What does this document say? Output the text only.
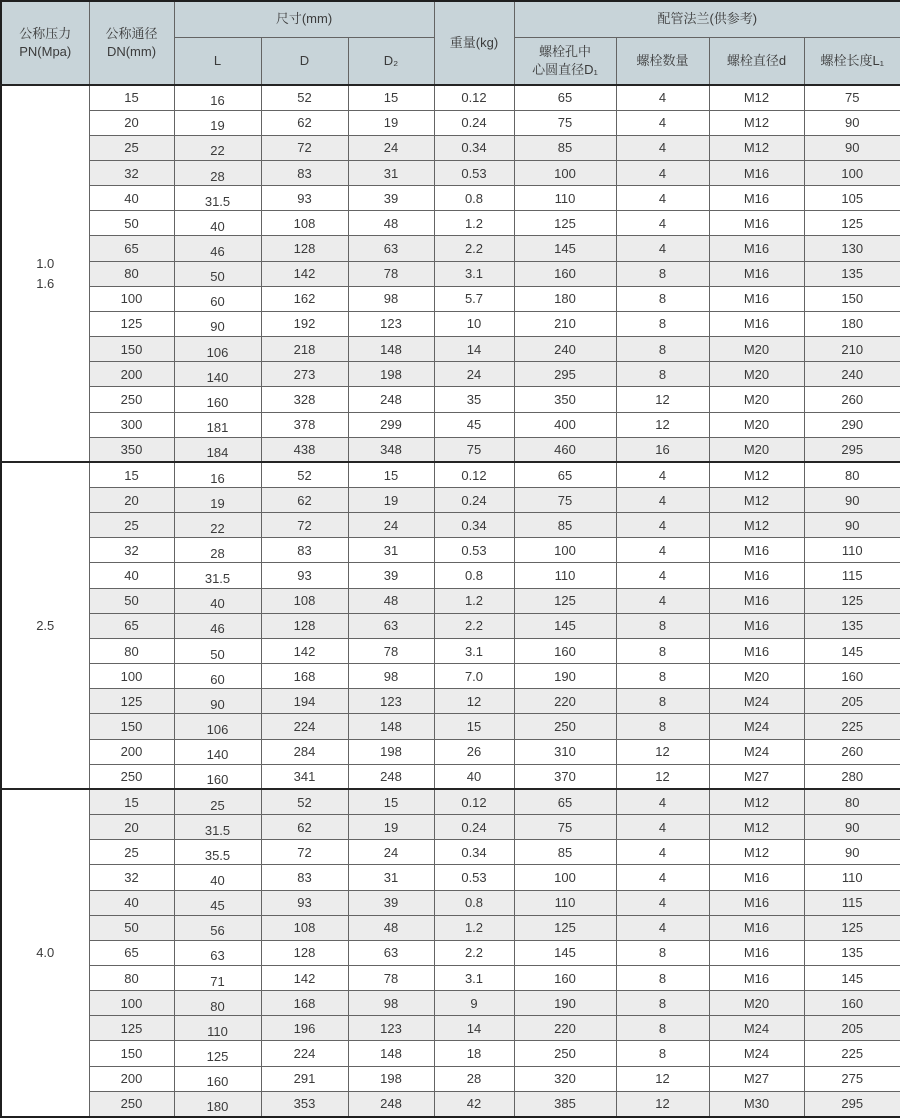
公称压力
PN(Mpa)

公称通径
DN(mm)
	尺寸(mm)	重量(kg)	配管法兰(供参考)
		L	D	D₂		螺栓孔中
心圆直径D₁	螺栓数量	螺栓直径d	螺栓长度L₁

1.0
1.6	15	16	52	15	0.12	65	4	M12	75
	20	19	62	19	0.24	75	4	M12	90
	25	22	72	24	0.34	85	4	M12	90
	32	28	83	31	0.53	100	4	M16	100
	40	31.5	93	39	0.8	110	4	M16	105
	50	40	108	48	1.2	125	4	M16	125
	65	46	128	63	2.2	145	4	M16	130
	80	50	142	78	3.1	160	8	M16	135
	100	60	162	98	5.7	180	8	M16	150
	125	90	192	123	10	210	8	M16	180
	150	106	218	148	14	240	8	M20	210
	200	140	273	198	24	295	8	M20	240
	250	160	328	248	35	350	12	M20	260
	300	181	378	299	45	400	12	M20	290
	350	184	438	348	75	460	16	M20	295

2.5	15	16	52	15	0.12	65	4	M12	80
	20	19	62	19	0.24	75	4	M12	90
	25	22	72	24	0.34	85	4	M12	90
	32	28	83	31	0.53	100	4	M16	110
	40	31.5	93	39	0.8	110	4	M16	115
	50	40	108	48	1.2	125	4	M16	125
	65	46	128	63	2.2	145	8	M16	135
	80	50	142	78	3.1	160	8	M16	145
	100	60	168	98	7.0	190	8	M20	160
	125	90	194	123	12	220	8	M24	205
	150	106	224	148	15	250	8	M24	225
	200	140	284	198	26	310	12	M24	260
	250	160	341	248	40	370	12	M27	280

4.0	15	25	52	15	0.12	65	4	M12	80
	20	31.5	62	19	0.24	75	4	M12	90
	25	35.5	72	24	0.34	85	4	M12	90
	32	40	83	31	0.53	100	4	M16	110
	40	45	93	39	0.8	110	4	M16	115
	50	56	108	48	1.2	125	4	M16	125
	65	63	128	63	2.2	145	8	M16	135
	80	71	142	78	3.1	160	8	M16	145
	100	80	168	98	9	190	8	M20	160
	125	110	196	123	14	220	8	M24	205
	150	125	224	148	18	250	8	M24	225
	200	160	291	198	28	320	12	M27	275
	250	180	353	248	42	385	12	M30	295
